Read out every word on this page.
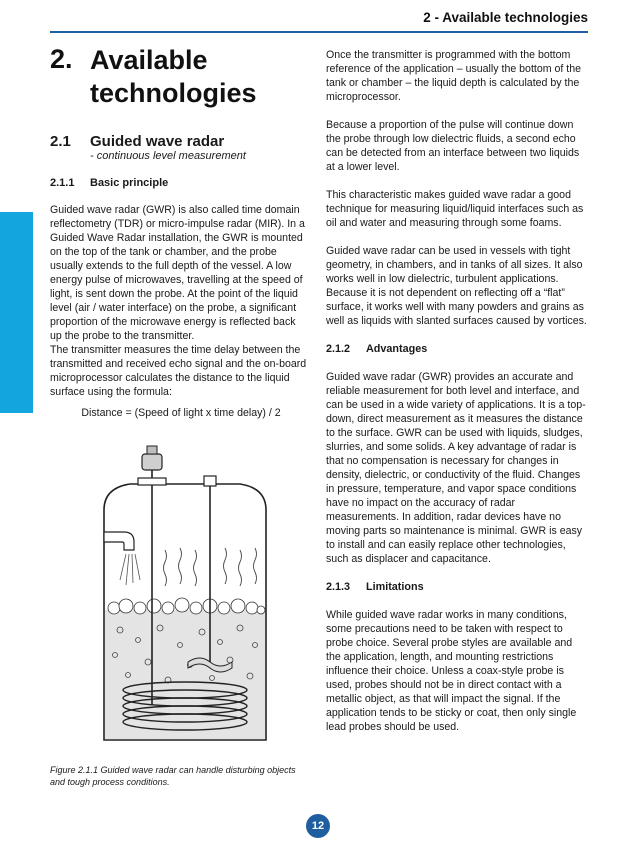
2 - Available technologies
2. Available technologies
2.1 Guided wave radar
- continuous level measurement
2.1.1 Basic principle

Guided wave radar (GWR) is also called time domain reflectometry (TDR) or micro-impulse radar (MIR). In a Guided Wave Radar installation, the GWR is mounted on the top of the tank or chamber, and the probe usually extends to the full depth of the vessel. A low energy pulse of microwaves, travelling at the speed of light, is sent down the probe. At the point of the liquid level (air / water interface) on the probe, a significant proportion of the microwave energy is reflected back up the probe to the transmitter.

The transmitter measures the time delay between the transmitted and received echo signal and the on-board microprocessor calculates the distance to the liquid surface using the formula:

Distance = (Speed of light x time delay) / 2
Figure 2.1.1 Guided wave radar can handle disturbing objects and tough process conditions.

Once the transmitter is programmed with the bottom reference of the application – usually the bottom of the tank or chamber – the liquid depth is calculated by the microprocessor.

Because a proportion of the pulse will continue down the probe through low dielectric fluids, a second echo can be detected from an interface between two liquids at a lower level.

This characteristic makes guided wave radar a good technique for measuring liquid/liquid interfaces such as oil and water and measuring through some foams.

Guided wave radar can be used in vessels with tight geometry, in chambers, and in tanks of all sizes. It also works well in low dielectric, turbulent applications. Because it is not dependent on reflecting off a “flat” surface, it works well with many powders and grains as well as liquids with slanted surfaces caused by vortices.

2.1.2 Advantages

Guided wave radar (GWR) provides an accurate and reliable measurement for both level and interface, and can be used in a wide variety of applications. It is a top-down, direct measurement as it measures the distance to the surface. GWR can be used with liquids, sludges, slurries, and some solids. A key advantage of radar is that no compensation is necessary for changes in density, dielectric, or conductivity of the fluid. Changes in pressure, temperature, and vapor space conditions have no impact on the accuracy of radar measurements. In addition, radar devices have no moving parts so maintenance is minimal. GWR is easy to install and can easily replace other technologies, such as displacer and capacitance.

2.1.3 Limitations

While guided wave radar works in many conditions, some precautions need to be taken with respect to probe choice. Several probe styles are available and the application, length, and mounting restrictions influence their choice. Unless a coax-style probe is used, probes should not be in direct contact with a metallic object, as that will impact the signal. If the application tends to be sticky or coat, then only single lead probes should be used.

12
